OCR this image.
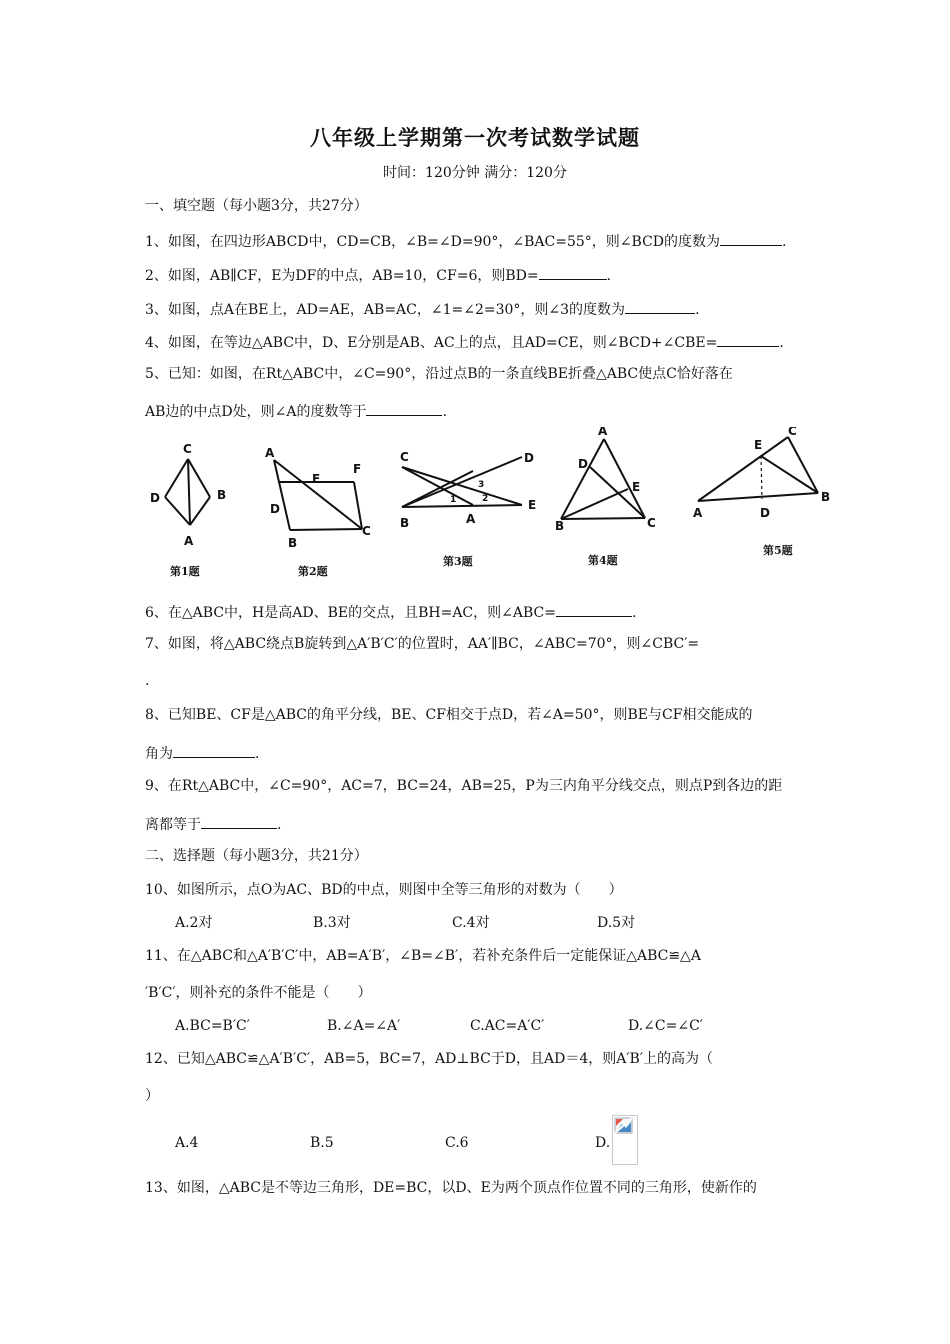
八年级上学期第一次考试数学试题
时间：120分钟 满分：120分
一、填空题（每小题3分，共27分）
1、如图，在四边形ABCD中，CD=CB，∠B=∠D=90°，∠BAC=55°，则∠BCD的度数为	.
2、如图，AB∥CF，E为DF的中点，AB=10，CF=6，则BD=	.
3、如图，点A在BE上，AD=AE，AB=AC，∠1=∠2=30°，则∠3的度数为	.
4、如图，在等边△ABC中，D、E分别是AB、AC上的点，且AD=CE，则∠BCD+∠CBE=	.
5、已知：如图，在Rt△ABC中，∠C=90°，沿过点B的一条直线BE折叠△ABC使点C恰好落在
AB边的中点D处，则∠A的度数等于	.
C
D	B
A
第1题
A
E
F
D
C
B
第2题
C	D
3
1	2
B	A
E
第3题
A
D
E
B	C
第4题
E
C
A	D
B
第5题
6、在△ABC中，H是高AD、BE的交点，且BH=AC，则∠ABC=	.
7、如图，将△ABC绕点B旋转到△A′B′C′的位置时，AA′∥BC，∠ABC=70°，则∠CBC′=
.
8、已知BE、CF是△ABC的角平分线，BE、CF相交于点D，若∠A=50°，则BE与CF相交能成的
角为	.
9、在Rt△ABC中，∠C=90°，AC=7，BC=24，AB=25，P为三内角平分线交点，则点P到各边的距
离都等于	.
二、选择题（每小题3分，共21分）
10、如图所示，点O为AC、BD的中点，则图中全等三角形的对数为（　　）
A.2对	B.3对	C.4对	D.5对
11、在△ABC和△A′B′C′中，AB=A′B′，∠B=∠B′，若补充条件后一定能保证△ABC≌△A
′B′C′，则补充的条件不能是（　　）
A.BC=B′C′	B.∠A=∠A′	C.AC=A′C′	D.∠C=∠C′
12、已知△ABC≌△A′B′C′，AB=5，BC=7，AD⊥BC于D，且AD＝4，则A′B′上的高为（
）
A.4	B.5	C.6	D.
13、如图，△ABC是不等边三角形，DE=BC，以D、E为两个顶点作位置不同的三角形，使新作的
